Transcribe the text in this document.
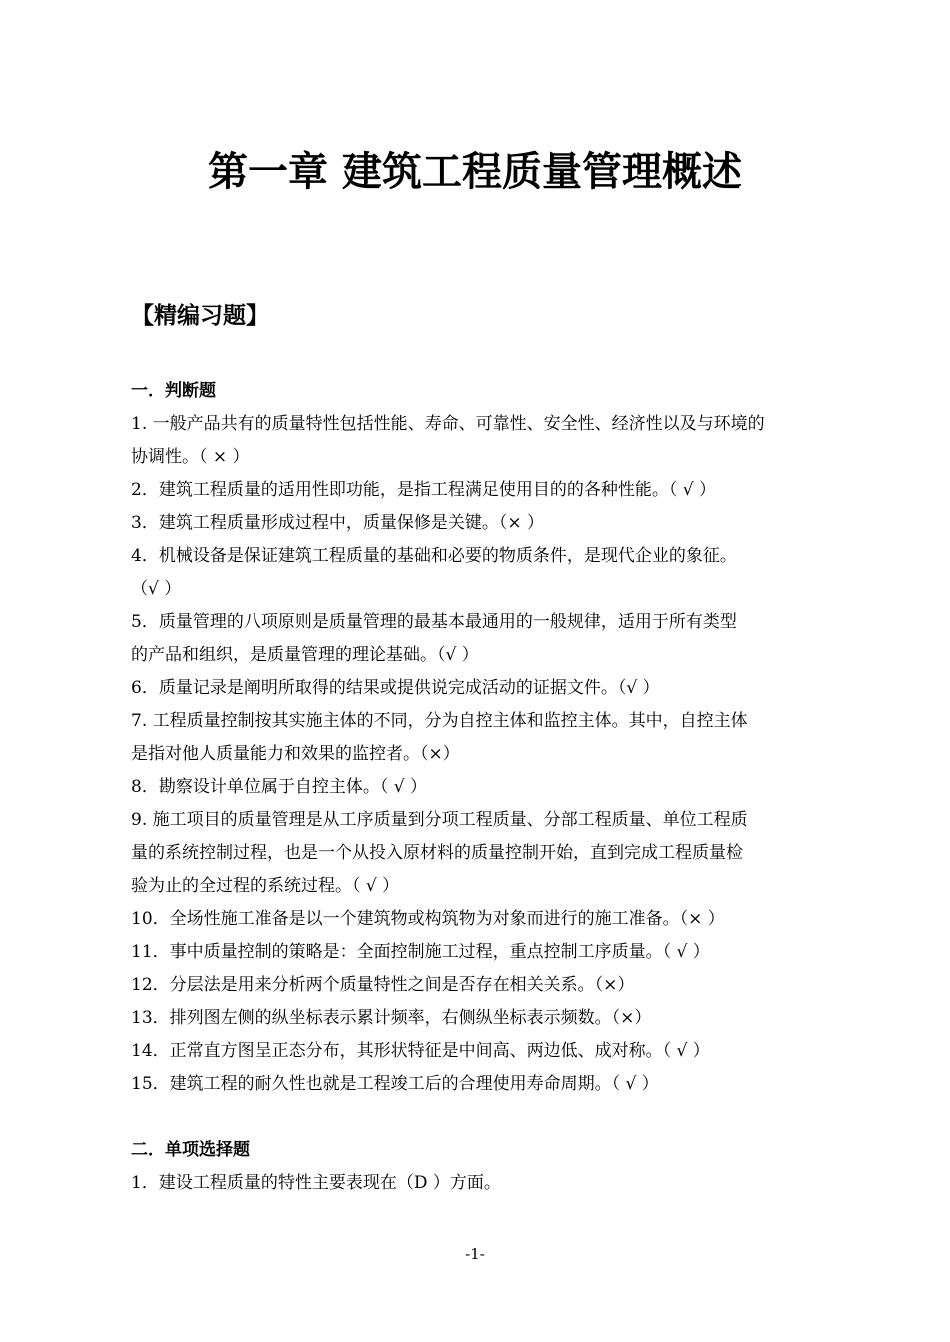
第一章 建筑工程质量管理概述
【精编习题】
一．判断题
1. 一般产品共有的质量特性包括性能、寿命、可靠性、安全性、经济性以及与环境的
协调性。（ × ）
2．建筑工程质量的适用性即功能，是指工程满足使用目的的各种性能。（ √ ）
3．建筑工程质量形成过程中，质量保修是关键。（× ）
4．机械设备是保证建筑工程质量的基础和必要的物质条件，是现代企业的象征。
（√ ）
5．质量管理的八项原则是质量管理的最基本最通用的一般规律，适用于所有类型
的产品和组织，是质量管理的理论基础。（√ ）
6．质量记录是阐明所取得的结果或提供说完成活动的证据文件。（√ ）
7. 工程质量控制按其实施主体的不同，分为自控主体和监控主体。其中，自控主体
是指对他人质量能力和效果的监控者。（×）
8．勘察设计单位属于自控主体。（ √ ）
9. 施工项目的质量管理是从工序质量到分项工程质量、分部工程质量、单位工程质
量的系统控制过程，也是一个从投入原材料的质量控制开始，直到完成工程质量检
验为止的全过程的系统过程。（ √ ）
10．全场性施工准备是以一个建筑物或构筑物为对象而进行的施工准备。（× ）
11．事中质量控制的策略是：全面控制施工过程，重点控制工序质量。（ √ ）
12．分层法是用来分析两个质量特性之间是否存在相关关系。（×）
13．排列图左侧的纵坐标表示累计频率，右侧纵坐标表示频数。（×）
14．正常直方图呈正态分布，其形状特征是中间高、两边低、成对称。（ √ ）
15．建筑工程的耐久性也就是工程竣工后的合理使用寿命周期。（ √ ）
二．单项选择题
1．建设工程质量的特性主要表现在（D ）方面。
-1-
